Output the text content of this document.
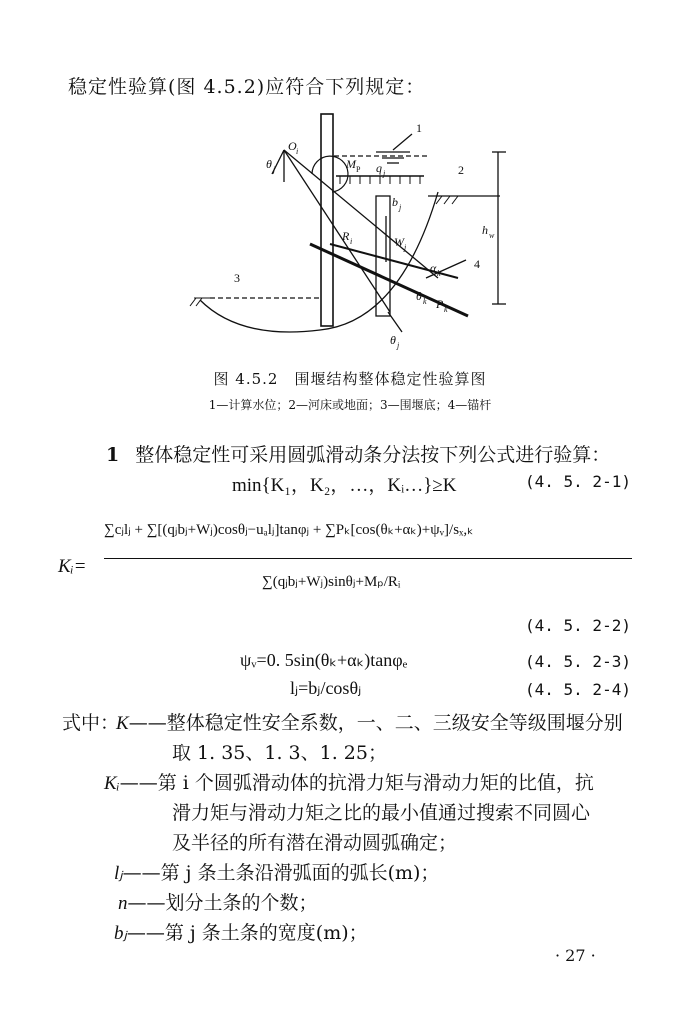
稳定性验算(图 4.5.2)应符合下列规定：
1
2
3
4
O i
θ j	M P q j
b j
R i	W j
α k
θ k P k
θ j
h w
图 4.5.2　围堰结构整体稳定性验算图
1—计算水位；2—河床或地面；3—围堰底；4—锚杆
1 整体稳定性可采用圆弧滑动条分法按下列公式进行验算：
min{K₁，K₂，…，Kᵢ…}≥K	(4. 5. 2-1)
Kᵢ=
∑cⱼlⱼ + ∑[(qⱼbⱼ+Wⱼ)cosθⱼ−uₐlⱼ]tanφⱼ + ∑Pₖ[cos(θₖ+αₖ)+ψᵥ]/sₓ,ₖ
∑(qⱼbⱼ+Wⱼ)sinθⱼ+Mₚ/Rᵢ
(4. 5. 2-2)
ψᵥ=0. 5sin(θₖ+αₖ)tanφₑ	(4. 5. 2-3)
lⱼ=bⱼ/cosθⱼ	(4. 5. 2-4)
式中：
K——整体稳定性安全系数，一、二、三级安全等级围堰分别
取 1. 35、1. 3、1. 25；
Kᵢ——第 i 个圆弧滑动体的抗滑力矩与滑动力矩的比值，抗
滑力矩与滑动力矩之比的最小值通过搜索不同圆心
及半径的所有潜在滑动圆弧确定；
lⱼ——第 j 条土条沿滑弧面的弧长(m)；
n——划分土条的个数；
bⱼ——第 j 条土条的宽度(m)；
· 27 ·
